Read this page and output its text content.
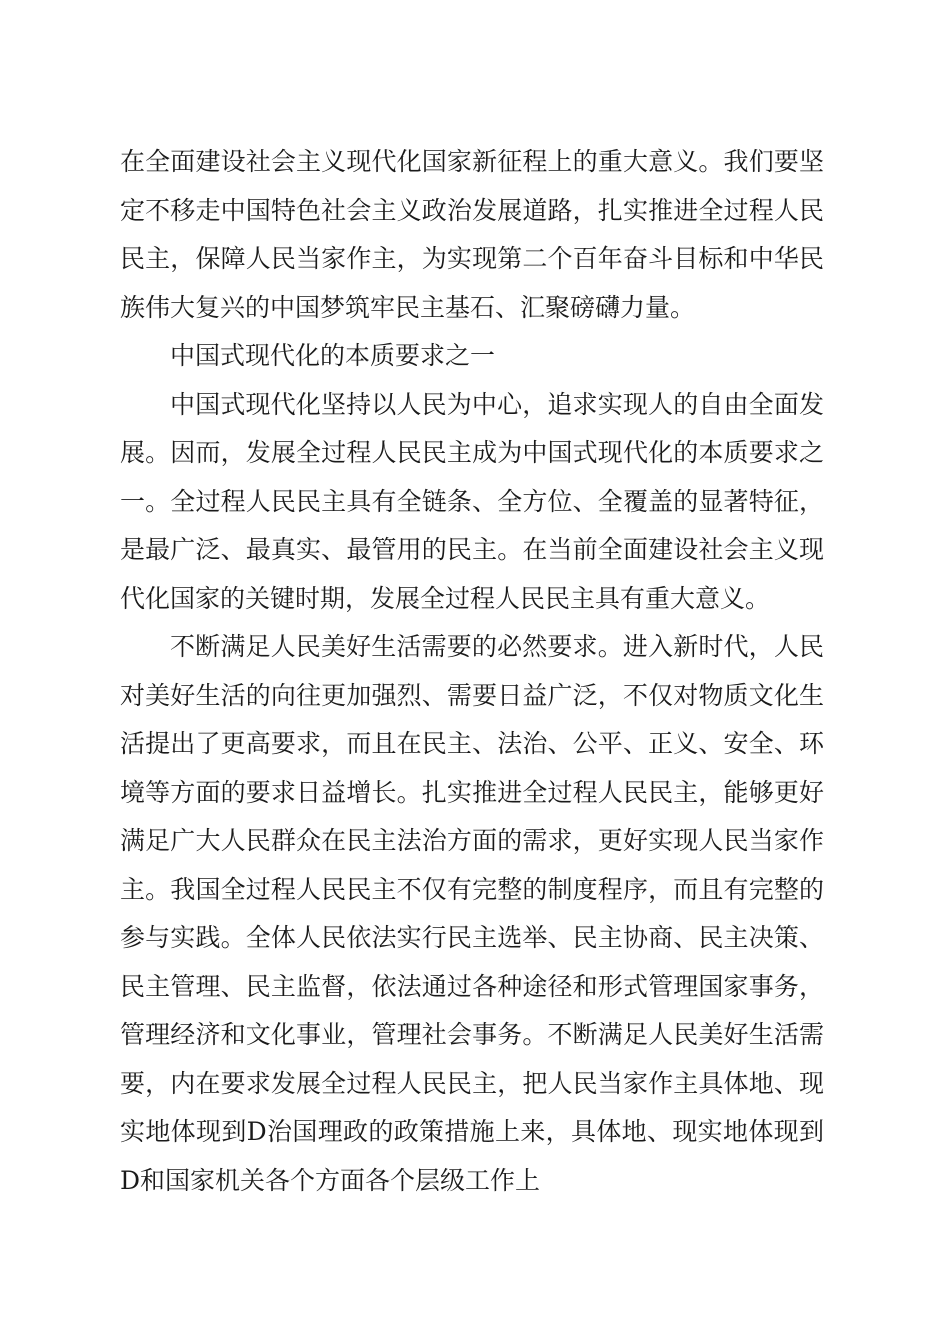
在全面建设社会主义现代化国家新征程上的重大意义。我们要坚定不移走中国特色社会主义政治发展道路，扎实推进全过程人民民主，保障人民当家作主，为实现第二个百年奋斗目标和中华民族伟大复兴的中国梦筑牢民主基石、汇聚磅礴力量。

中国式现代化的本质要求之一

中国式现代化坚持以人民为中心，追求实现人的自由全面发展。因而，发展全过程人民民主成为中国式现代化的本质要求之一。全过程人民民主具有全链条、全方位、全覆盖的显著特征，是最广泛、最真实、最管用的民主。在当前全面建设社会主义现代化国家的关键时期，发展全过程人民民主具有重大意义。

不断满足人民美好生活需要的必然要求。进入新时代，人民对美好生活的向往更加强烈、需要日益广泛，不仅对物质文化生活提出了更高要求，而且在民主、法治、公平、正义、安全、环境等方面的要求日益增长。扎实推进全过程人民民主，能够更好满足广大人民群众在民主法治方面的需求，更好实现人民当家作主。我国全过程人民民主不仅有完整的制度程序，而且有完整的参与实践。全体人民依法实行民主选举、民主协商、民主决策、民主管理、民主监督，依法通过各种途径和形式管理国家事务，管理经济和文化事业，管理社会事务。不断满足人民美好生活需要，内在要求发展全过程人民民主，把人民当家作主具体地、现实地体现到D治国理政的政策措施上来，具体地、现实地体现到D和国家机关各个方面各个层级工作上
